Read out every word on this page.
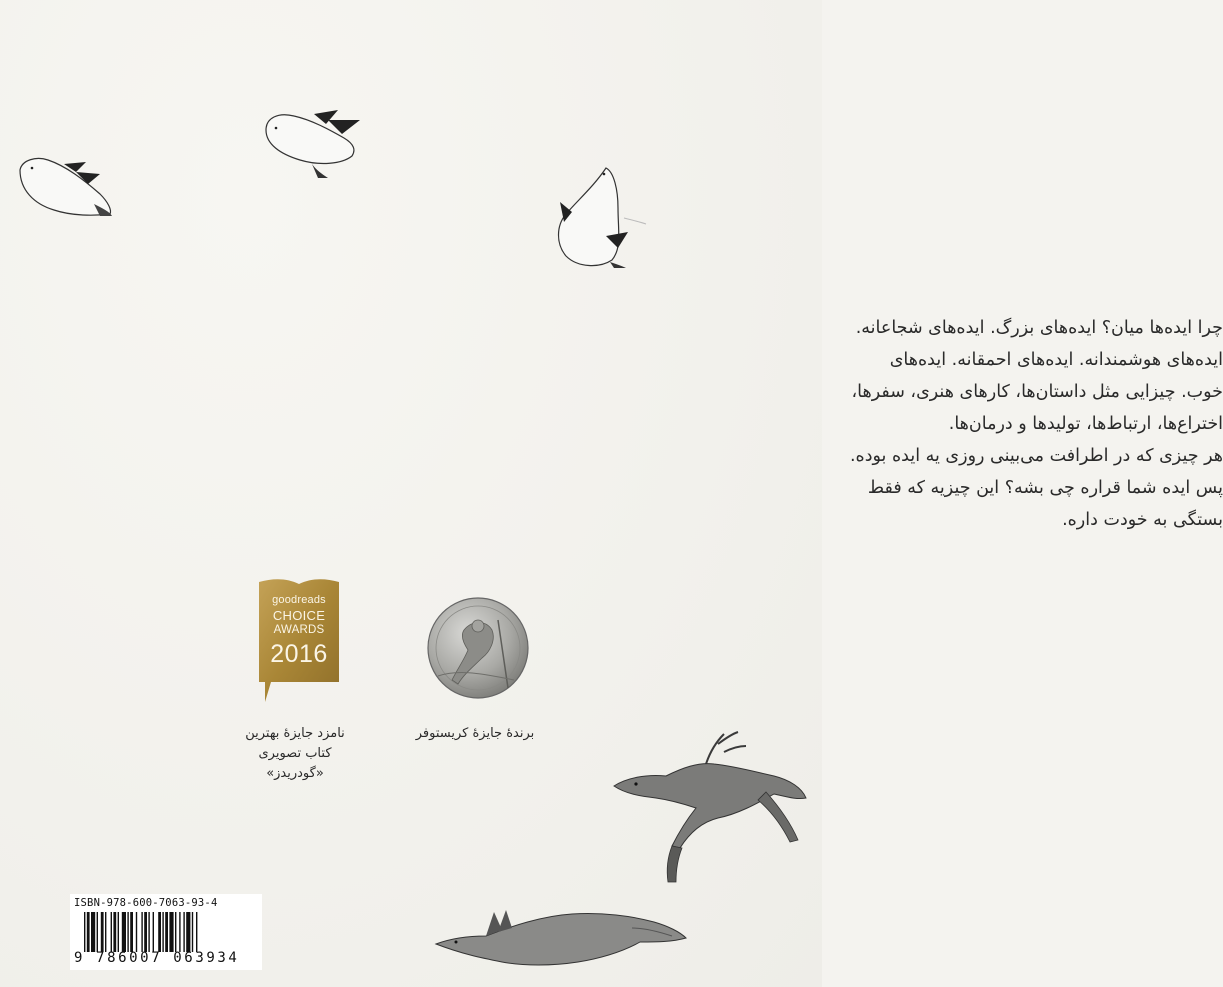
چرا ایده‌ها میان؟ ایده‌های بزرگ. ایده‌های شجاعانه.
ایده‌های هوشمندانه. ایده‌های احمقانه. ایده‌های
خوب. چیزایی مثل داستان‌ها، کارهای هنری، سفرها،
اختراع‌ها، ارتباط‌ها، تولیدها و درمان‌ها.
هر چیزی که در اطرافت می‌بینی روزی یه ایده بوده.
پس ایده شما قراره چی بشه؟ این چیزیه که فقط
بستگی به خودت داره.
goodreads
CHOICE
AWARDS
2016
نامزد جایزهٔ بهترین
کتاب تصویری
«گودریدز»
برندهٔ جایزهٔ کریستوفر
ISBN-978-600-7063-93-4
9 786007 063934
